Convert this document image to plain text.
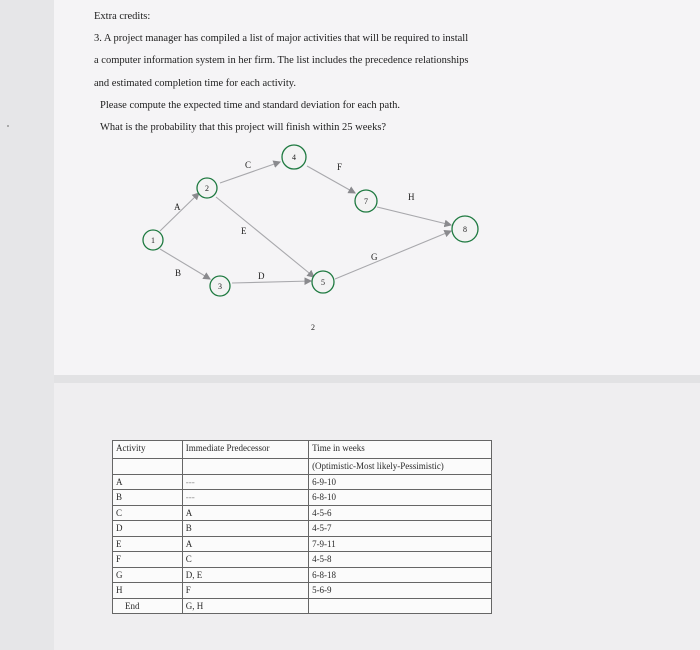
Extra credits:

3. A project manager has compiled a list of major activities that will be required to install

a computer information system in her firm. The list includes the precedence relationships

and estimated completion time for each activity.

Please compute the expected time and standard deviation for each path.

What is the probability that this project will finish within 25 weeks?

A
B
C
D
E
F
G
H
1
2
3
4
5
7
8
2
Activity	Immediate Predecessor	Time in weeks
		(Optimistic-Most likely-Pessimistic)
A	---	6-9-10
B	---	6-8-10
C	A	4-5-6
D	B	4-5-7
E	A	7-9-11
F	C	4-5-8
G	D, E	6-8-18
H	F	5-6-9
End	G, H	
